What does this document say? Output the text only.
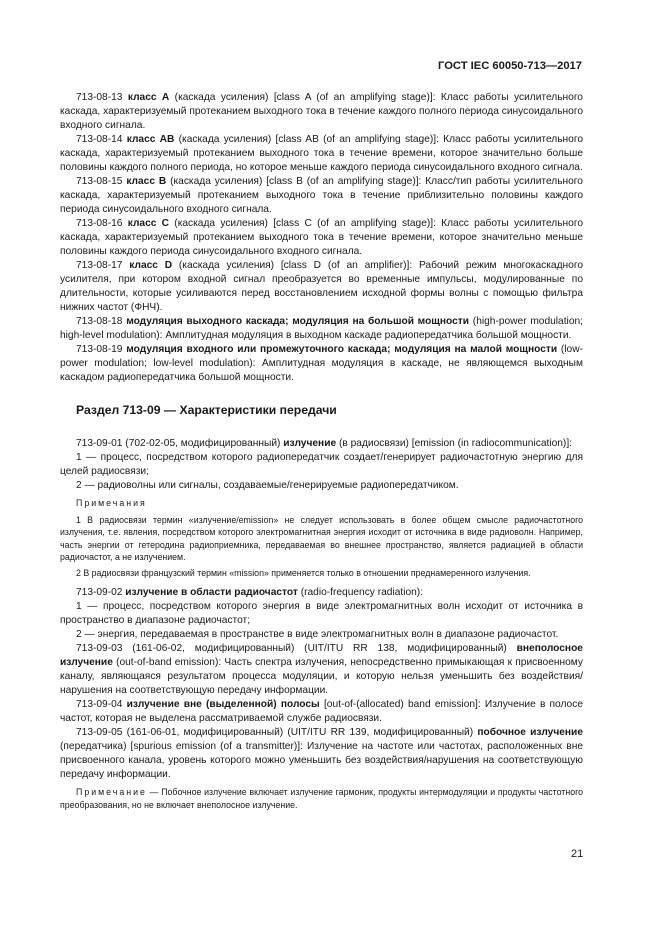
ГОСТ IEC 60050-713—2017

713-08-13 класс A (каскада усиления) [class A (of an amplifying stage)]: Класс работы усилительного каскада, характеризуемый протеканием выходного тока в течение каждого полного периода синусоидального входного сигнала.

713-08-14 класс AB (каскада усиления) [class AB (of an amplifying stage)]: Класс работы усилительного каскада, характеризуемый протеканием выходного тока в течение времени, которое значительно больше половины каждого полного периода, но которое меньше каждого периода синусоидального входного сигнала.

713-08-15 класс B (каскада усиления) [class B (of an amplifying stage)]: Класс/тип работы усилительного каскада, характеризуемый протеканием выходного тока в течение приблизительно половины каждого периода синусоидального входного сигнала.

713-08-16 класс C (каскада усиления) [class C (of an amplifying stage)]: Класс работы усилительного каскада, характеризуемый протеканием выходного тока в течение времени, которое значительно меньше половины каждого периода синусоидального входного сигнала.

713-08-17 класс D (каскада усиления) [class D (of an amplifier)]: Рабочий режим многокаскадного усилителя, при котором входной сигнал преобразуется во временные импульсы, модулированные по длительности, которые усиливаются перед восстановлением исходной формы волны с помощью фильтра нижних частот (ФНЧ).

713-08-18 модуляция выходного каскада; модуляция на большой мощности (high-power modulation; high-level modulation): Амплитудная модуляция в выходном каскаде радиопередатчика большой мощности.

713-08-19 модуляция входного или промежуточного каскада; модуляция на малой мощности (low-power modulation; low-level modulation): Амплитудная модуляция в каскаде, не являющемся выходным каскадом радиопередатчика большой мощности.

Раздел 713-09 — Характеристики передачи

713-09-01 (702-02-05, модифицированный) излучение (в радиосвязи) [emission (in radiocommunication)]:

1 — процесс, посредством которого радиопередатчик создает/генерирует радиочастотную энергию для целей радиосвязи;

2 — радиоволны или сигналы, создаваемые/генерируемые радиопередатчиком.

Примечания

1 В радиосвязи термин «излучение/emission» не следует использовать в более общем смысле радиочастотного излучения, т.е. явления, посредством которого электромагнитная энергия исходит от источника в виде радиоволн. Например, часть энергии от гетеродина радиоприемника, передаваемая во внешнее пространство, является радиацией в области радиочастот, а не излучением.

2 В радиосвязи французский термин «mission» применяется только в отношении преднамеренного излучения.

713-09-02 излучение в области радиочастот (radio-frequency radiation):

1 — процесс, посредством которого энергия в виде электромагнитных волн исходит от источника в пространство в диапазоне радиочастот;

2 — энергия, передаваемая в пространстве в виде электромагнитных волн в диапазоне радиочастот.

713-09-03 (161-06-02, модифицированный) (UIT/ITU RR 138, модифицированный) внеполосное излучение (out-of-band emission): Часть спектра излучения, непосредственно примыкающая к присвоенному каналу, являющаяся результатом процесса модуляции, и которую нельзя уменьшить без воздействия/нарушения на соответствующую передачу информации.

713-09-04 излучение вне (выделенной) полосы [out-of-(allocated) band emission]: Излучение в полосе частот, которая не выделена рассматриваемой службе радиосвязи.

713-09-05 (161-06-01, модифицированный) (UIT/ITU RR 139, модифицированный) побочное излучение (передатчика) [spurious emission (of a transmitter)]: Излучение на частоте или частотах, расположенных вне присвоенного канала, уровень которого можно уменьшить без воздействия/нарушения на соответствующую передачу информации.

Примечание — Побочное излучение включает излучение гармоник, продукты интермодуляции и продукты частотного преобразования, но не включает внеполосное излучение.

21
